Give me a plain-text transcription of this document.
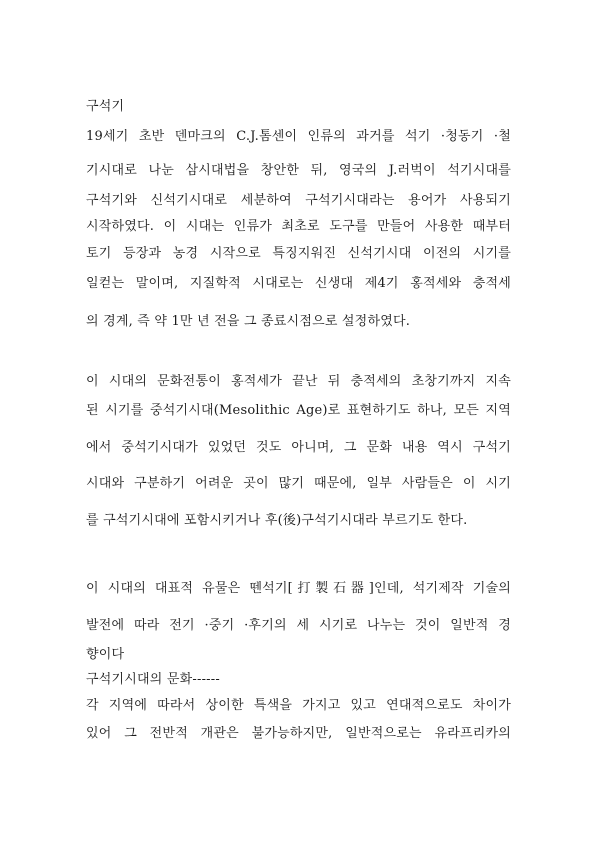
구석기
19세기 초반 덴마크의 C.J.톰센이 인류의 과거를 석기 ·청동기 ·철
기시대로 나눈 삼시대법을 창안한 뒤, 영국의 J.러벅이 석기시대를
구석기와 신석기시대로 세분하여 구석기시대라는 용어가 사용되기
시작하였다. 이 시대는 인류가 최초로 도구를 만들어 사용한 때부터
토기 등장과 농경 시작으로 특징지워진 신석기시대 이전의 시기를
일컫는 말이며, 지질학적 시대로는 신생대 제4기 홍적세와 충적세
의 경계, 즉 약 1만 년 전을 그 종료시점으로 설정하였다.
이 시대의 문화전통이 홍적세가 끝난 뒤 충적세의 초창기까지 지속
된 시기를 중석기시대(Mesolithic Age)로 표현하기도 하나, 모든 지역
에서 중석기시대가 있었던 것도 아니며, 그 문화 내용 역시 구석기
시대와 구분하기 어려운 곳이 많기 때문에, 일부 사람들은 이 시기
를 구석기시대에 포함시키거나 후(後)구석기시대라 부르기도 한다.
이 시대의 대표적 유물은 뗀석기[打製石器]인데, 석기제작 기술의
발전에 따라 전기 ·중기 ·후기의 세 시기로 나누는 것이 일반적 경
향이다
구석기시대의 문화------
각 지역에 따라서 상이한 특색을 가지고 있고 연대적으로도 차이가
있어 그 전반적 개관은 불가능하지만, 일반적으로는 유라프리카의
